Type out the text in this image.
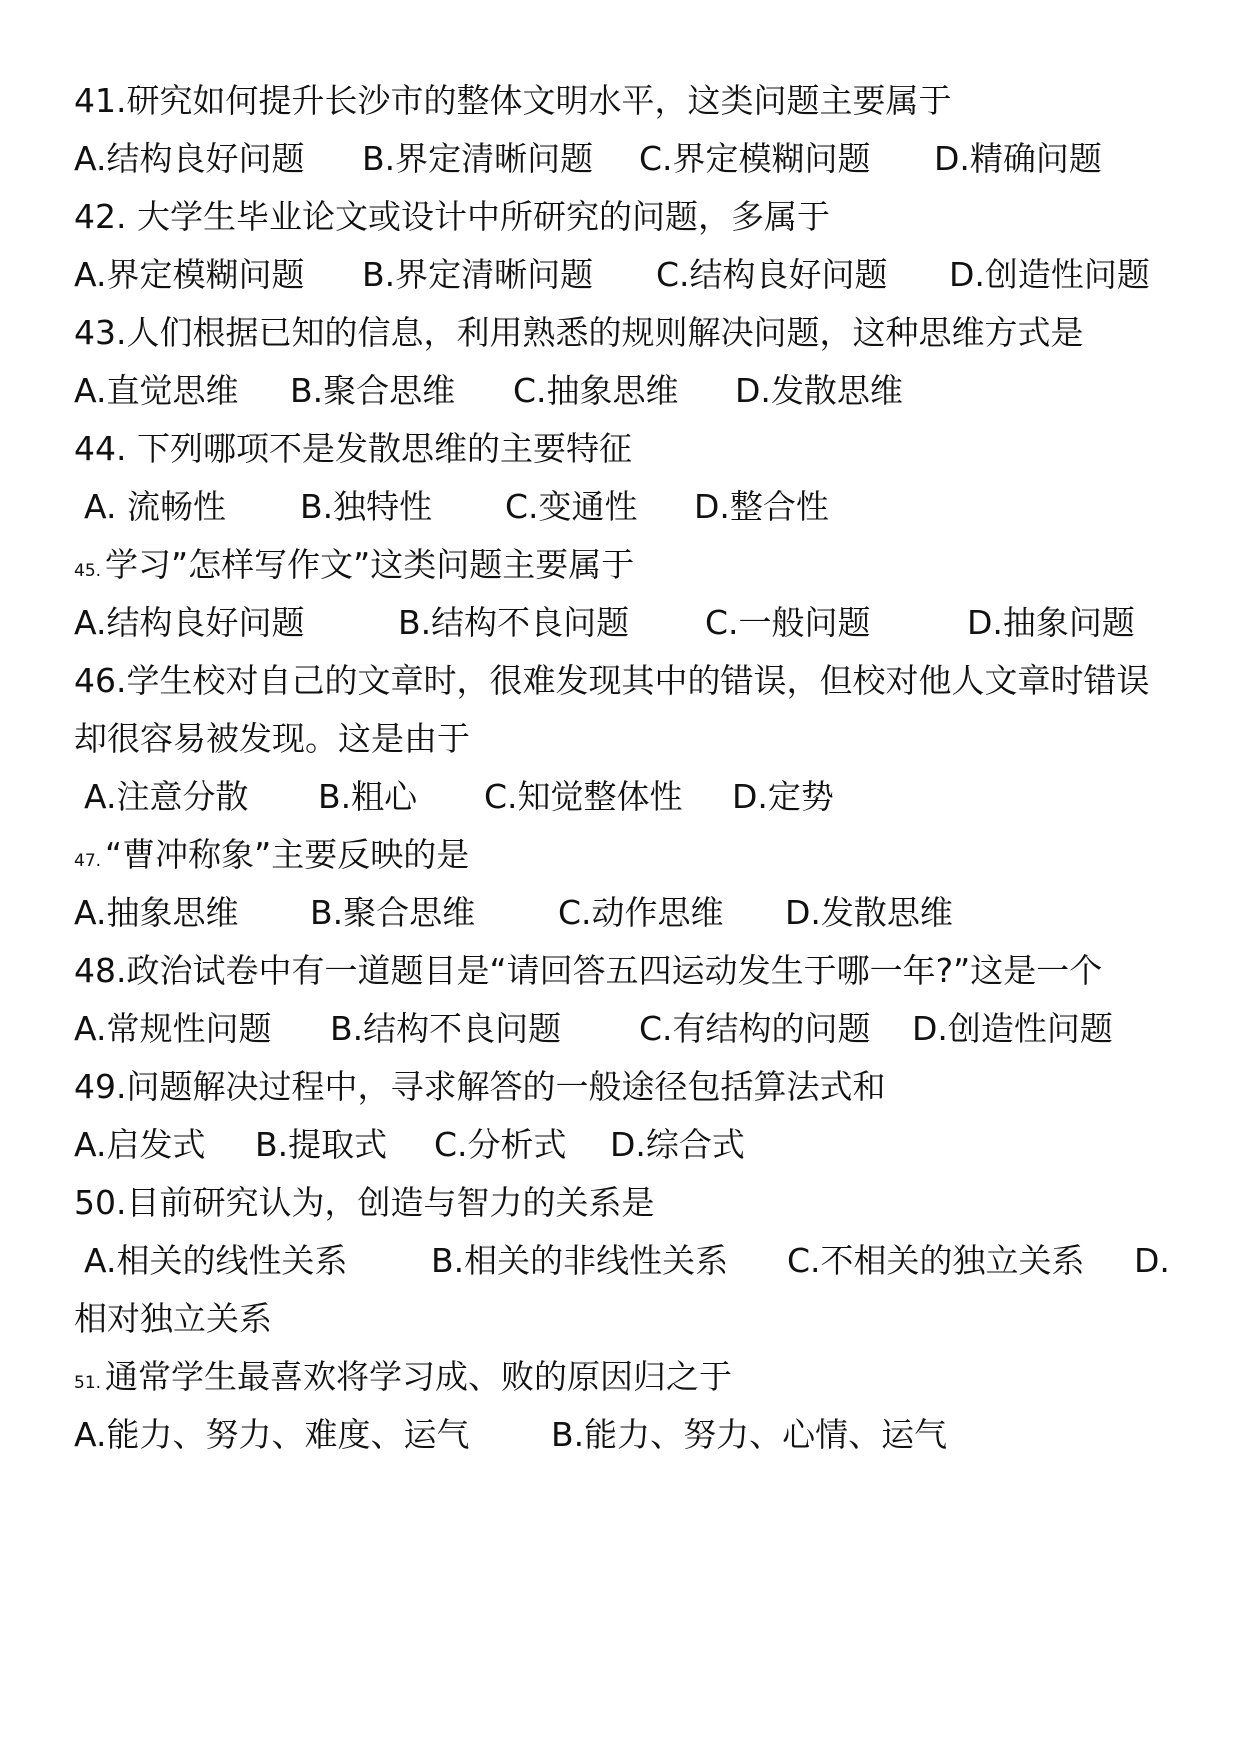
41.研究如何提升长沙市的整体文明水平，这类问题主要属于
A.结构良好问题 B.界定清晰问题 C.界定模糊问题 D.精确问题
42. 大学生毕业论文或设计中所研究的问题，多属于
A.界定模糊问题 B.界定清晰问题 C.结构良好问题 D.创造性问题
43.人们根据已知的信息，利用熟悉的规则解决问题，这种思维方式是
A.直觉思维 B.聚合思维 C.抽象思维 D.发散思维
44. 下列哪项不是发散思维的主要特征
A. 流畅性 B.独特性 C.变通性 D.整合性
45. 学习”怎样写作文”这类问题主要属于
A.结构良好问题	B.结构不良问题 C.一般问题	D.抽象问题
46.学生校对自己的文章时，很难发现其中的错误，但校对他人文章时错误
却很容易被发现。这是由于
A.注意分散 B.粗心 C.知觉整体性 D.定势
47. “曹冲称象”主要反映的是
A.抽象思维 B.聚合思维	C.动作思维 D.发散思维
48.政治试卷中有一道题目是“请回答五四运动发生于哪一年?”这是一个
A.常规性问题 B.结构不良问题 C.有结构的问题 D.创造性问题
49.问题解决过程中，寻求解答的一般途径包括算法式和
A.启发式 B.提取式 C.分析式 D.综合式
50.目前研究认为，创造与智力的关系是
A.相关的线性关系	B.相关的非线性关系 C.不相关的独立关系 D.
相对独立关系
51. 通常学生最喜欢将学习成、败的原因归之于
A.能力、努力、难度、运气 B.能力、努力、心情、运气
